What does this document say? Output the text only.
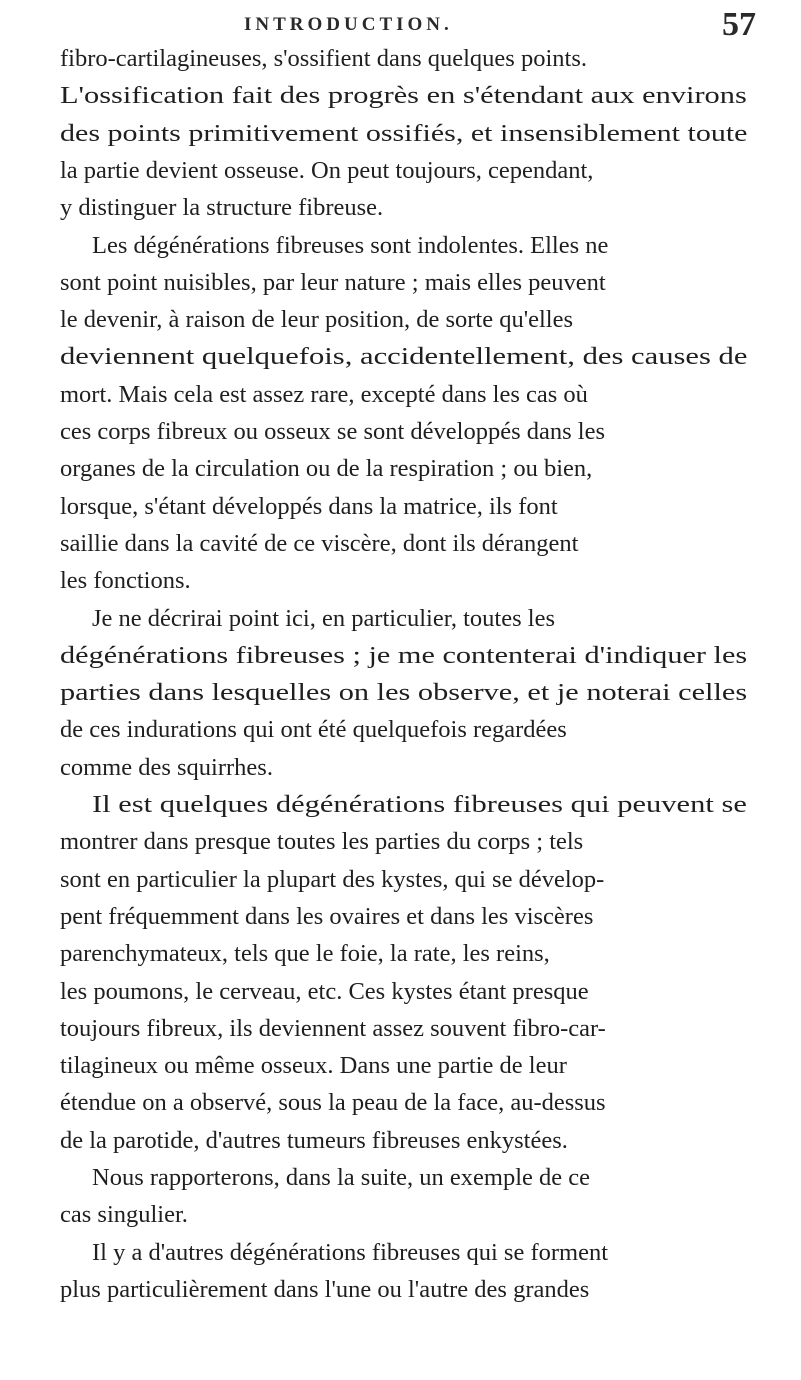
INTRODUCTION.	57
fibro-cartilagineuses, s'ossifient dans quelques points.
L'ossification fait des progrès en s'étendant aux environs
des points primitivement ossifiés, et insensiblement toute
la partie devient osseuse. On peut toujours, cependant,
y distinguer la structure fibreuse.
Les dégénérations fibreuses sont indolentes. Elles ne
sont point nuisibles, par leur nature ; mais elles peuvent
le devenir, à raison de leur position, de sorte qu'elles
deviennent quelquefois, accidentellement, des causes de
mort. Mais cela est assez rare, excepté dans les cas où
ces corps fibreux ou osseux se sont développés dans les
organes de la circulation ou de la respiration ; ou bien,
lorsque, s'étant développés dans la matrice, ils font
saillie dans la cavité de ce viscère, dont ils dérangent
les fonctions.
Je ne décrirai point ici, en particulier, toutes les
dégénérations fibreuses ; je me contenterai d'indiquer les
parties dans lesquelles on les observe, et je noterai celles
de ces indurations qui ont été quelquefois regardées
comme des squirrhes.
Il est quelques dégénérations fibreuses qui peuvent se
montrer dans presque toutes les parties du corps ; tels
sont en particulier la plupart des kystes, qui se dévelop-
pent fréquemment dans les ovaires et dans les viscères
parenchymateux, tels que le foie, la rate, les reins,
les poumons, le cerveau, etc. Ces kystes étant presque
toujours fibreux, ils deviennent assez souvent fibro-car-
tilagineux ou même osseux. Dans une partie de leur
étendue on a observé, sous la peau de la face, au-dessus
de la parotide, d'autres tumeurs fibreuses enkystées.
Nous rapporterons, dans la suite, un exemple de ce
cas singulier.
Il y a d'autres dégénérations fibreuses qui se forment
plus particulièrement dans l'une ou l'autre des grandes
